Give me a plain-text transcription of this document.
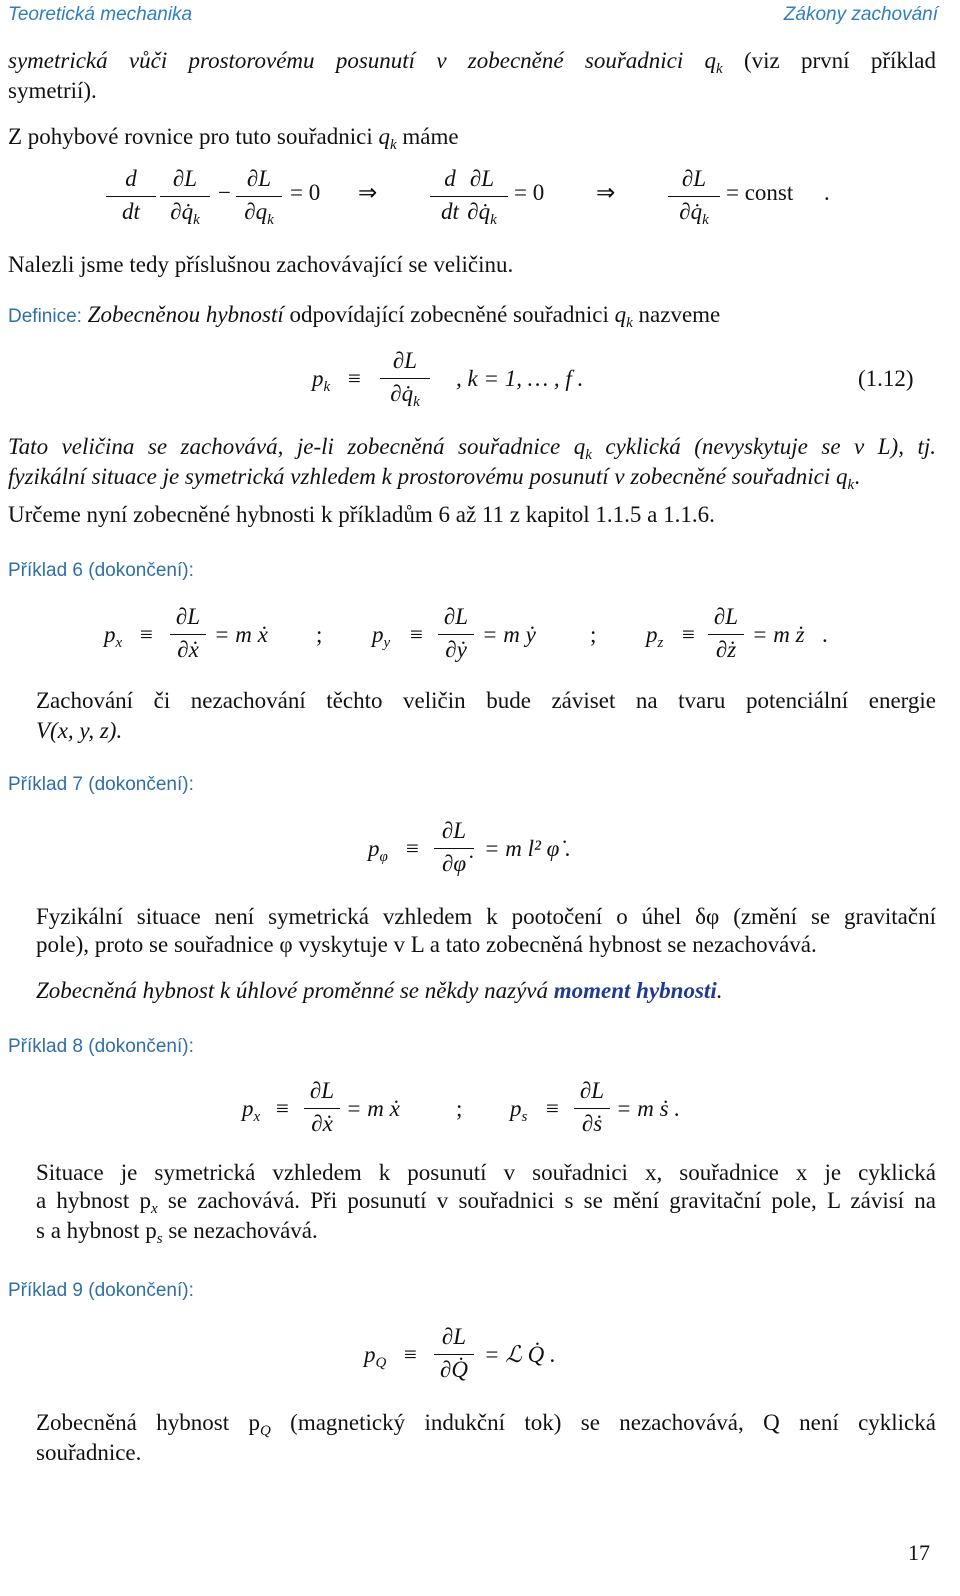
Teoretická mechanika	Zákony zachování

symetrická vůči prostorovému posunutí v zobecněné souřadnici $q_k$ (viz první příklad

symetrií).

Z pohybové rovnice pro tuto souřadnici $q_k$ máme

$\frac{d}{dt} \frac{\partial L}{\partial q̇_k} - \frac{\partial L}{\partial q_k} = 0$ ⇒ $\frac{d}{dt}$
$\frac{\partial L}{\partial q̇_k} = 0$ ⇒ $\frac{\partial L}{\partial q̇_k}$ = const .

Nalezli jsme tedy příslušnou zachovávající se veličinu.

Definice: Zobecněnou hybností odpovídající zobecněné souřadnici $q_k$ nazveme

$p_k \equiv \frac{\partial L}{\partial q̇_k}$ , k = 1, … , f .	(1.12)

Tato veličina se zachovává, je-li zobecněná souřadnice $q_k$ cyklická (nevyskytuje se v L), tj.

fyzikální situace je symetrická vzhledem k prostorovému posunutí v zobecněné souřadnici $q_k$.

Určeme nyní zobecněné hybnosti k příkladům 6 až 11 z kapitol 1.1.5 a 1.1.6.

Příklad 6 (dokončení):
$p_x \equiv \frac{\partial L}{\text{∂ẋ}} = m$ ẋ ; $p_y \equiv \frac{\partial L}{\text{∂ẏ}} = m$ ẏ ; $p_z \equiv \frac{\partial L}{\partial ż} = m$ ż .

Zachování či nezachování těchto veličin bude záviset na tvaru potenciální energie

V(x, y, z).

Příklad 7 (dokončení):
$p_\varphi \equiv \frac{\partial L}{\partial\varphi̇} = m$ l² φ̇ .

Fyzikální situace není symetrická vzhledem k pootočení o úhel δφ (změní se gravitační

pole), proto se souřadnice φ vyskytuje v L a tato zobecněná hybnost se nezachovává.

Zobecněná hybnost k úhlové proměnné se někdy nazývá moment hybnosti.

Příklad 8 (dokončení):
$p_x \equiv \frac{\partial L}{\text{∂ẋ}} = m$ ẋ ; $p_s \equiv \frac{\partial L}{\text{∂ṡ}} = m$ ṡ .

Situace je symetrická vzhledem k posunutí v souřadnici x, souřadnice x je cyklická

a hybnost $p_x$ se zachovává. Při posunutí v souřadnici s se mění gravitační pole, L závisí na

s a hybnost $p_s$ se nezachovává.

Příklad 9 (dokončení):
$p_Q \equiv \frac{\partial L}{\partial Q̇}$ = ℒ Q̇ .

Zobecněná hybnost $p_Q$ (magnetický indukční tok) se nezachovává, Q není cyklická

souřadnice.

17
